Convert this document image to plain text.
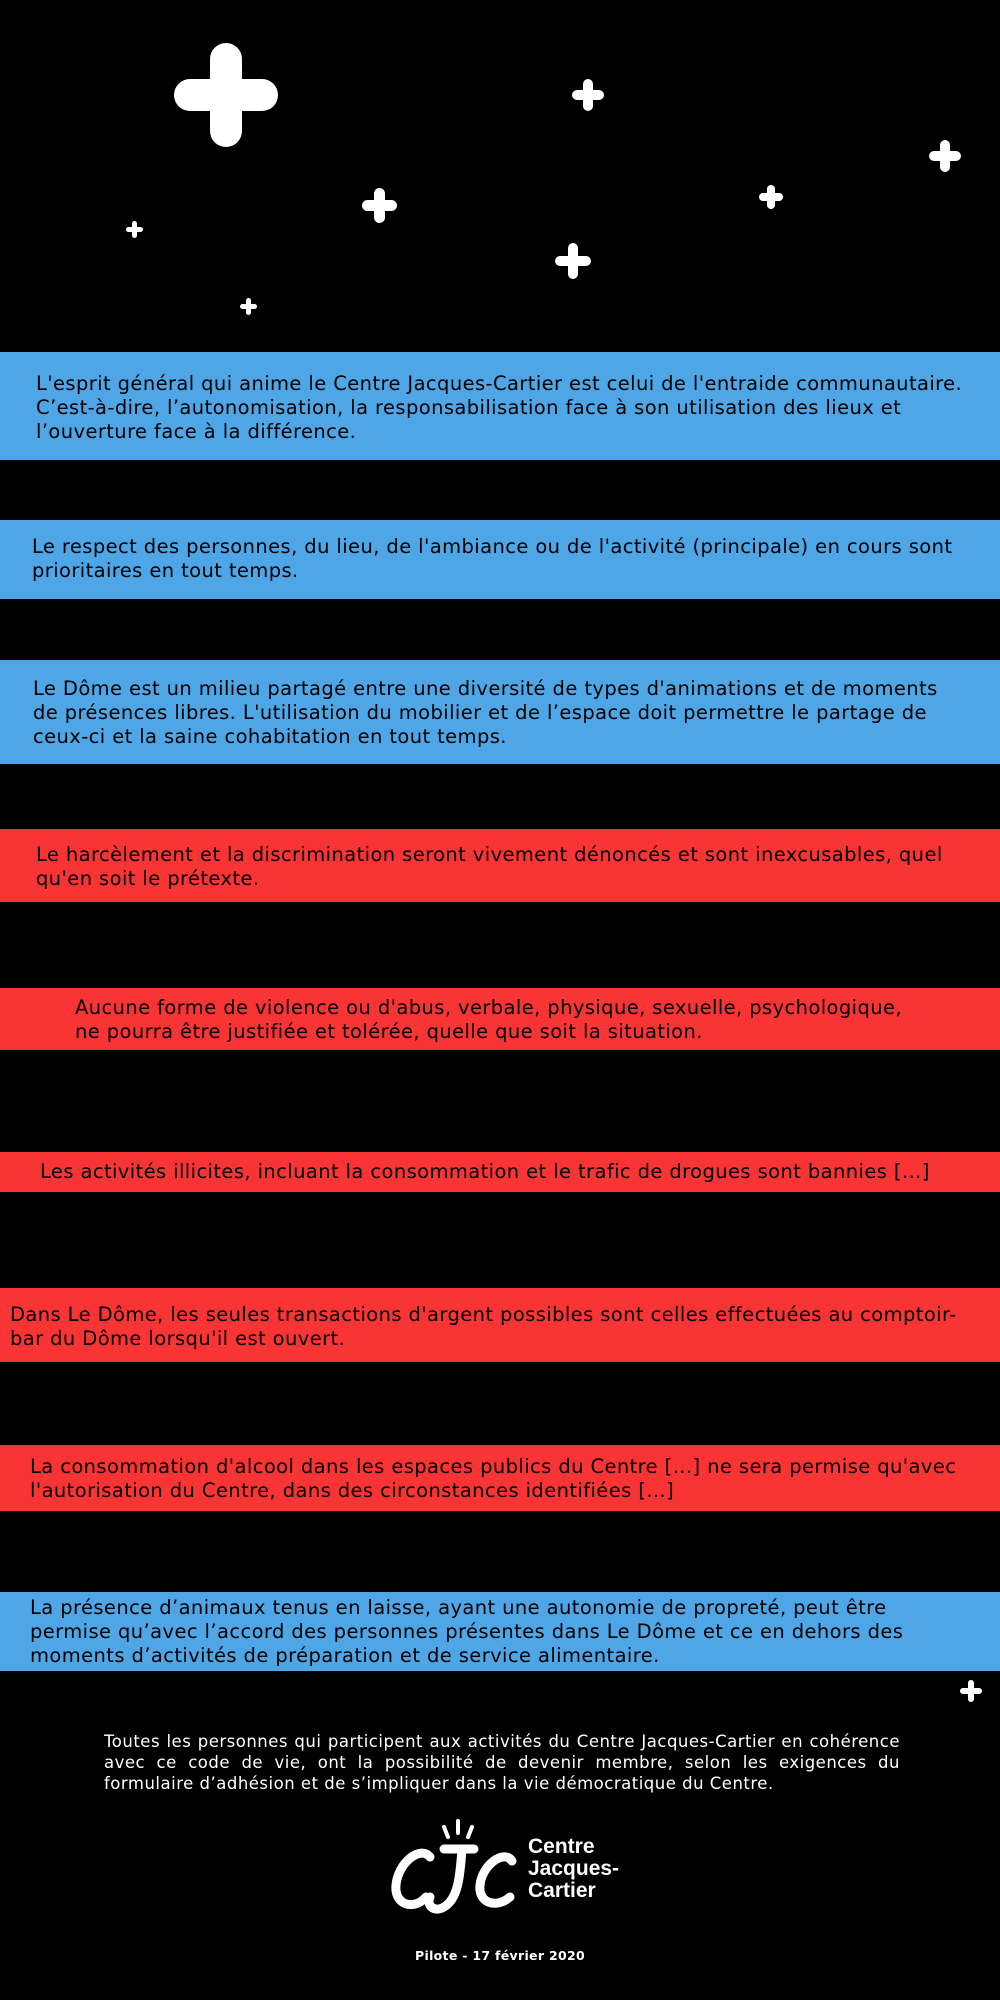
L'esprit général qui anime le Centre Jacques-Cartier est celui de l'entraide communautaire. C’est-à-dire, l’autonomisation, la responsabilisation face à son utilisation des lieux et l’ouverture face à la différence.

Le respect des personnes, du lieu, de l'ambiance ou de l'activité (principale) en cours sont prioritaires en tout temps.

Le Dôme est un milieu partagé entre une diversité de types d'animations et de moments de présences libres. L'utilisation du mobilier et de l’espace doit permettre le partage de ceux-ci et la saine cohabitation en tout temps.

Le harcèlement et la discrimination seront vivement dénoncés et sont inexcusables, quel qu'en soit le prétexte.

Aucune forme de violence ou d'abus, verbale, physique, sexuelle, psychologique, ne pourra être justifiée et tolérée, quelle que soit la situation.

Les activités illicites, incluant la consommation et le trafic de drogues sont bannies […]

Dans Le Dôme, les seules transactions d'argent possibles sont celles effectuées au comptoir-bar du Dôme lorsqu'il est ouvert.

La consommation d'alcool dans les espaces publics du Centre […] ne sera permise qu'avec l'autorisation du Centre, dans des circonstances identifiées […]

La présence d’animaux tenus en laisse, ayant une autonomie de propreté, peut être permise qu’avec l’accord des personnes présentes dans Le Dôme et ce en dehors des moments d’activités de préparation et de service alimentaire.

Toutes les personnes qui participent aux activités du Centre Jacques-Cartier en cohérence avec ce code de vie, ont la possibilité de devenir membre, selon les exigences du formulaire d’adhésion et de s’impliquer dans la vie démocratique du Centre.

Centre
Jacques-
Cartier
Pilote - 17 février 2020
